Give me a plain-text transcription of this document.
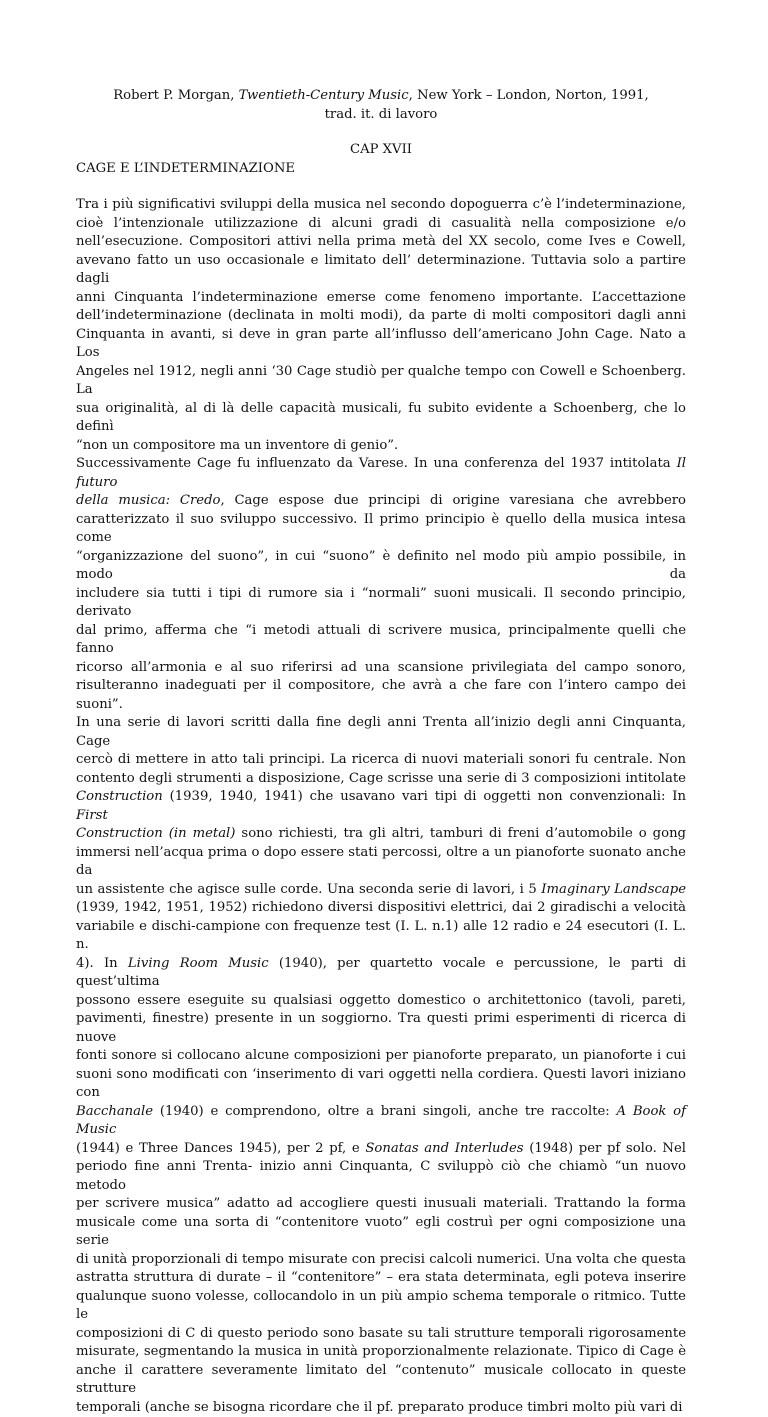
Robert P. Morgan, Twentieth-Century Music, New York – London, Norton, 1991,
trad. it. di lavoro

CAP XVII

CAGE E L’INDETERMINAZIONE

Tra i più significativi sviluppi della musica nel secondo dopoguerra c’è l’indeterminazione,
cioè l’intenzionale utilizzazione di alcuni gradi di casualità nella composizione e/o
nell’esecuzione. Compositori attivi nella prima metà del XX secolo, come Ives e Cowell,
avevano fatto un uso occasionale e limitato dell’ determinazione. Tuttavia solo a partire dagli
anni Cinquanta l’indeterminazione emerse come fenomeno importante. L’accettazione
dell’indeterminazione (declinata in molti modi), da parte di molti compositori dagli anni
Cinquanta in avanti, si deve in gran parte all’influsso dell’americano John Cage. Nato a Los
Angeles nel 1912, negli anni ‘30 Cage studiò per qualche tempo con Cowell e Schoenberg. La
sua originalità, al di là delle capacità musicali, fu subito evidente a Schoenberg, che lo definì
“non un compositore ma un inventore di genio”.

Successivamente Cage fu influenzato da Varese. In una conferenza del 1937 intitolata Il futuro
della musica: Credo, Cage espose due principi di origine varesiana che avrebbero
caratterizzato il suo sviluppo successivo. Il primo principio è quello della musica intesa come
“organizzazione del suono”, in cui “suono” è definito nel modo più ampio possibile, in modo da
includere sia tutti i tipi di rumore sia i “normali” suoni musicali. Il secondo principio, derivato
dal primo, afferma che “i metodi attuali di scrivere musica, principalmente quelli che fanno
ricorso all’armonia e al suo riferirsi ad una scansione privilegiata del campo sonoro,
risulteranno inadeguati per il compositore, che avrà a che fare con l’intero campo dei suoni”.

In una serie di lavori scritti dalla fine degli anni Trenta all’inizio degli anni Cinquanta, Cage
cercò di mettere in atto tali principi. La ricerca di nuovi materiali sonori fu centrale. Non
contento degli strumenti a disposizione, Cage scrisse una serie di 3 composizioni intitolate
Construction (1939, 1940, 1941) che usavano vari tipi di oggetti non convenzionali: In First
Construction (in metal) sono richiesti, tra gli altri, tamburi di freni d’automobile o gong
immersi nell’acqua prima o dopo essere stati percossi, oltre a un pianoforte suonato anche da
un assistente che agisce sulle corde. Una seconda serie di lavori, i 5 Imaginary Landscape
(1939, 1942, 1951, 1952) richiedono diversi dispositivi elettrici, dai 2 giradischi a velocità
variabile e dischi-campione con frequenze test (I. L. n.1) alle 12 radio e 24 esecutori (I. L. n.
4). In Living Room Music (1940), per quartetto vocale e percussione, le parti di quest’ultima
possono essere eseguite su qualsiasi oggetto domestico o architettonico (tavoli, pareti,
pavimenti, finestre) presente in un soggiorno. Tra questi primi esperimenti di ricerca di nuove
fonti sonore si collocano alcune composizioni per pianoforte preparato, un pianoforte i cui
suoni sono modificati con ‘inserimento di vari oggetti nella cordiera. Questi lavori iniziano con
Bacchanale (1940) e comprendono, oltre a brani singoli, anche tre raccolte: A Book of Music
(1944) e Three Dances 1945), per 2 pf, e Sonatas and Interludes (1948) per pf solo. Nel
periodo fine anni Trenta- inizio anni Cinquanta, C sviluppò ciò che chiamò “un nuovo metodo
per scrivere musica” adatto ad accogliere questi inusuali materiali. Trattando la forma
musicale come una sorta di “contenitore vuoto” egli costruì per ogni composizione una serie
di unità proporzionali di tempo misurate con precisi calcoli numerici. Una volta che questa
astratta struttura di durate – il “contenitore” – era stata determinata, egli poteva inserire
qualunque suono volesse, collocandolo in un più ampio schema temporale o ritmico. Tutte le
composizioni di C di questo periodo sono basate su tali strutture temporali rigorosamente
misurate, segmentando la musica in unità proporzionalmente relazionate. Tipico di Cage è
anche il carattere severamente limitato del “contenuto” musicale collocato in queste strutture
temporali (anche se bisogna ricordare che il pf. preparato produce timbri molto più vari di
